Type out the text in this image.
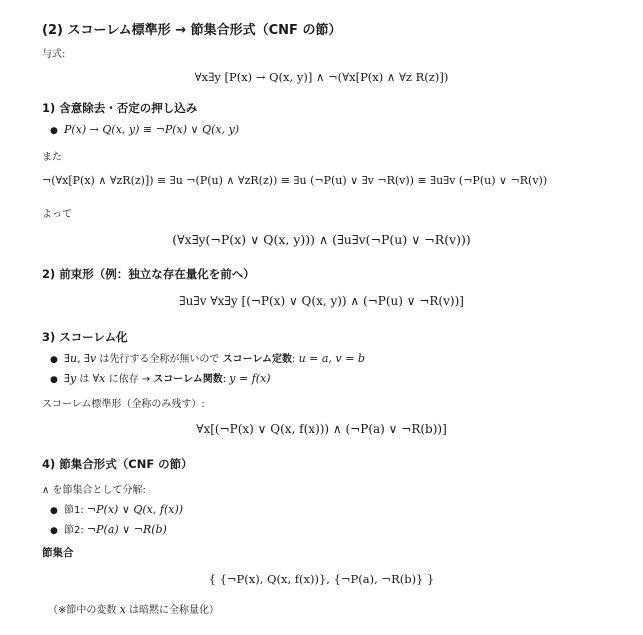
(2) スコーレム標準形 → 節集合形式（CNF の節）
与式:
∀x∃y [P(x) → Q(x, y)] ∧ ¬(∀x[P(x) ∧ ∀z R(z)])
1) 含意除去・否定の押し込み
● P(x) → Q(x, y) ≡ ¬P(x) ∨ Q(x, y)
また
¬(∀x[P(x) ∧ ∀zR(z)]) ≡ ∃u ¬(P(u) ∧ ∀zR(z)) ≡ ∃u (¬P(u) ∨ ∃v ¬R(v)) ≡ ∃u∃v (¬P(u) ∨ ¬R(v))
よって
(∀x∃y(¬P(x) ∨ Q(x, y))) ∧ (∃u∃v(¬P(u) ∨ ¬R(v)))
2) 前束形（例：独立な存在量化を前へ）
∃u∃v ∀x∃y [(¬P(x) ∨ Q(x, y)) ∧ (¬P(u) ∨ ¬R(v))]
3) スコーレム化
● ∃u, ∃v は先行する全称が無いので スコーレム定数: u = a, v = b
● ∃y は ∀x に依存 → スコーレム関数: y = f(x)
スコーレム標準形（全称のみ残す）:
∀x[(¬P(x) ∨ Q(x, f(x))) ∧ (¬P(a) ∨ ¬R(b))]
4) 節集合形式（CNF の節）
∧ を節集合として分解:
● 節1: ¬P(x) ∨ Q(x, f(x))
● 節2: ¬P(a) ∨ ¬R(b)
節集合
{ {¬P(x), Q(x, f(x))}, {¬P(a), ¬R(b)} }
（※節中の変数 x は暗黙に全称量化）
